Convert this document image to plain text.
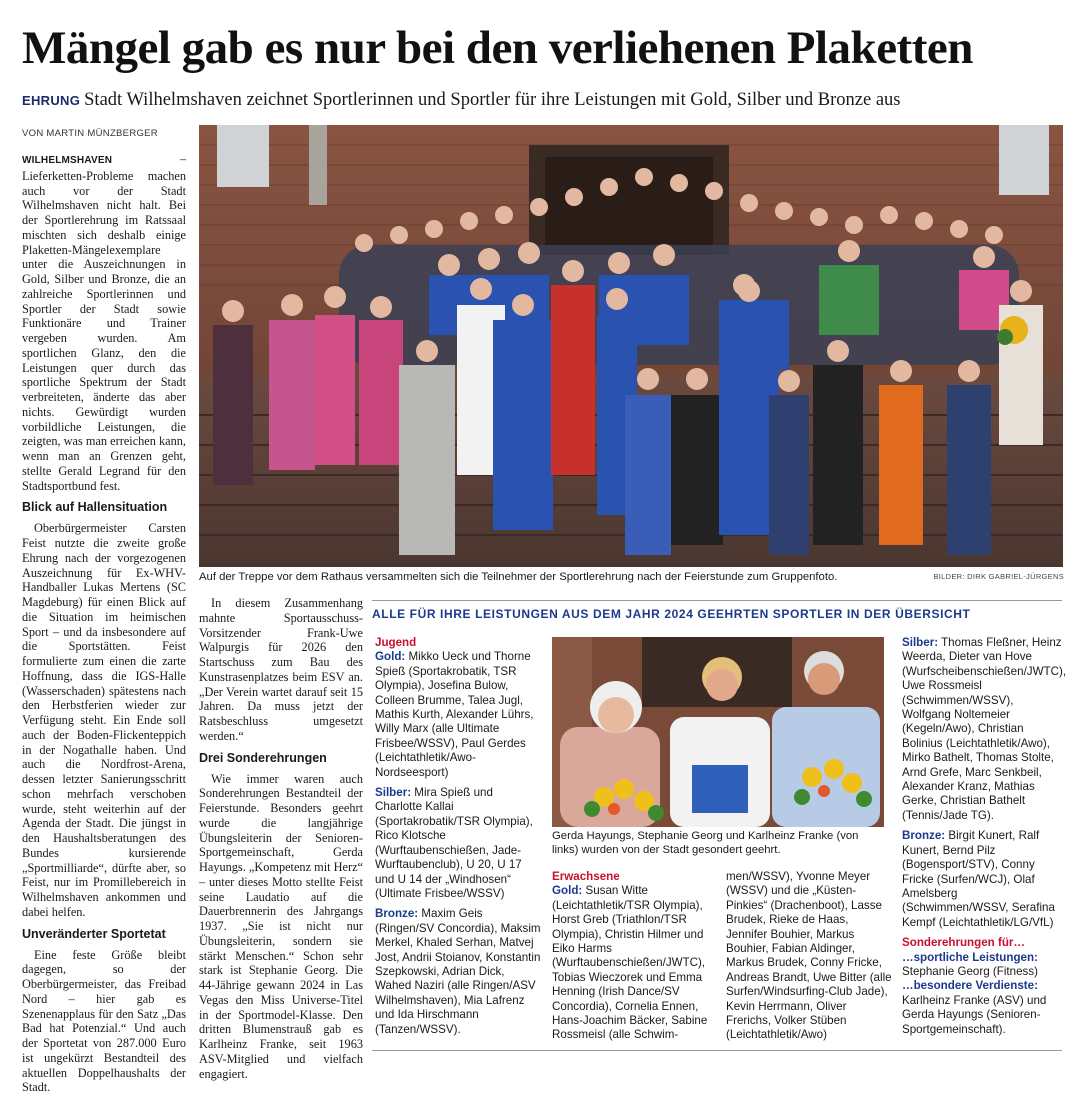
Mängel gab es nur bei den verliehenen Plaketten
EHRUNG Stadt Wilhelmshaven zeichnet Sportlerinnen und Sportler für ihre Leistungen mit Gold, Silber und Bronze aus
VON MARTIN MÜNZBERGER

WILHELMSHAVEN – Lieferketten-Probleme machen auch vor der Stadt Wilhelmshaven nicht halt. Bei der Sportlerehrung im Ratssaal mischten sich deshalb einige Plaketten-Mängelexemplare unter die Auszeichnungen in Gold, Silber und Bronze, die an zahlreiche Sportlerinnen und Sportler der Stadt sowie Funktionäre und Trainer vergeben wurden. Am sportlichen Glanz, den die Leistungen quer durch das sportliche Spektrum der Stadt verbreiteten, änderte das aber nichts. Gewürdigt wurden vorbildliche Leistungen, die zeigten, was man erreichen kann, wenn man an Grenzen geht, stellte Gerald Legrand für den Stadtsportbund fest.

Blick auf Hallensituation

Oberbürgermeister Carsten Feist nutzte die zweite große Ehrung nach der vorgezogenen Auszeichnung für Ex-WHV-Handballer Lukas Mertens (SC Magdeburg) für einen Blick auf die Situation im heimischen Sport – und da insbesondere auf die Sportstätten. Feist formulierte zum einen die zarte Hoffnung, dass die IGS-Halle (Wasserschaden) spätestens nach den Herbstferien wieder zur Verfügung steht. Ein Ende soll auch der Boden-Flickenteppich in der Nogathalle haben. Und auch die Nordfrost-Arena, dessen letzter Sanierungsschritt schon mehrfach verschoben wurde, steht weiterhin auf der Agenda der Stadt. Die jüngst in den Haushaltsberatungen des Bundes kursierende „Sportmilliarde“, dürfte aber, so Feist, nur im Promillebereich in Wilhelmshaven ankommen und dabei helfen.

Unveränderter Sportetat

Eine feste Größe bleibt dagegen, so der Oberbürgermeister, das Freibad Nord – hier gab es Szenenapplaus für den Satz „Das Bad hat Potenzial.“ Und auch der Sportetat von 287.000 Euro ist ungekürzt Bestandteil des aktuellen Doppelhaushalts der Stadt.

In diesem Zusammenhang mahnte Sportausschuss-Vorsitzender Frank-Uwe Walpurgis für 2026 den Startschuss zum Bau des Kunstrasenplatzes beim ESV an. „Der Verein wartet darauf seit 15 Jahren. Da muss jetzt der Ratsbeschluss umgesetzt werden.“

Drei Sonderehrungen

Wie immer waren auch Sonderehrungen Bestandteil der Feierstunde. Besonders geehrt wurde die langjährige Übungsleiterin der Senioren-Sportgemeinschaft, Gerda Hayungs. „Kompetenz mit Herz“ – unter dieses Motto stellte Feist seine Laudatio auf die Dauerbrennerin des Jahrgangs 1937. „Sie ist nicht nur Übungsleiterin, sondern sie stärkt Menschen.“ Schon sehr stark ist Stephanie Georg. Die 44-Jährige gewann 2024 in Las Vegas den Miss Universe-Titel in der Sportmodel-Klasse. Den dritten Blumenstrauß gab es Karlheinz Franke, seit 1963 ASV-Mitglied und vielfach engagiert.

Auf der Treppe vor dem Rathaus versammelten sich die Teilnehmer der Sportlerehrung nach der Feierstunde zum Gruppenfoto.	BILDER: DIRK GABRIEL-JÜRGENS
ALLE FÜR IHRE LEISTUNGEN AUS DEM JAHR 2024 GEEHRTEN SPORTLER IN DER ÜBERSICHT
Jugend
Gold: Mikko Ueck und Thorne Spieß (Sportakrobatik, TSR Olympia), Josefina Bulow, Colleen Brumme, Talea Jugl, Mathis Kurth, Alexander Lührs, Willy Marx (alle Ultimate Frisbee/WSSV), Paul Gerdes (Leichtathletik/Awo-Nordseesport)
Silber: Mira Spieß und Charlotte Kallai (Sportakrobatik/TSR Olympia), Rico Klotsche (Wurftaubenschießen, Jade-Wurftaubenclub), U 20, U 17 und U 14 der „Windhosen“ (Ultimate Frisbee/WSSV)
Bronze: Maxim Geis (Ringen/SV Concordia), Maksim Merkel, Khaled Serhan, Matvej Jost, Andrii Stoianov, Konstantin Szepkowski, Adrian Dick, Wahed Naziri (alle Ringen/ASV Wilhelmshaven), Mia Lafrenz und Ida Hirschmann (Tanzen/WSSV).
Gerda Hayungs, Stephanie Georg und Karlheinz Franke (von links) wurden von der Stadt gesondert geehrt.
Erwachsene
Gold: Susan Witte (Leichtathletik/TSR Olympia), Horst Greb (Triathlon/TSR Olympia), Christin Hilmer und Eiko Harms (Wurftaubenschießen/JWTC), Tobias Wieczorek und Emma Henning (Irish Dance/SV Concordia), Cornelia Ennen, Hans-Joachim Bäcker, Sabine Rossmeisl (alle Schwim-
men/WSSV), Yvonne Meyer (WSSV) und die „Küsten-Pinkies“ (Drachenboot), Lasse Brudek, Rieke de Haas, Jennifer Bouhier, Markus Bouhier, Fabian Aldinger, Markus Brudek, Conny Fricke, Andreas Brandt, Uwe Bitter (alle Surfen/Windsurfing-Club Jade), Kevin Herrmann, Oliver Frerichs, Volker Stüben (Leichtathletik/Awo)
Silber: Thomas Fleßner, Heinz Weerda, Dieter van Hove (Wurfscheibenschießen/JWTC), Uwe Rossmeisl (Schwimmen/WSSV), Wolfgang Noltemeier (Kegeln/Awo), Christian Bolinius (Leichtathletik/Awo), Mirko Bathelt, Thomas Stolte, Arnd Grefe, Marc Senkbeil, Alexander Kranz, Mathias Gerke, Christian Bathelt (Tennis/Jade TG).
Bronze: Birgit Kunert, Ralf Kunert, Bernd Pilz (Bogensport/STV), Conny Fricke (Surfen/WCJ), Olaf Amelsberg (Schwimmen/WSSV, Serafina Kempf (Leichtathletik/LG/VfL)
Sonderehrungen für…
…sportliche Leistungen:
Stephanie Georg (Fitness)
…besondere Verdienste:
Karlheinz Franke (ASV) und Gerda Hayungs (Senioren-Sportgemeinschaft).
